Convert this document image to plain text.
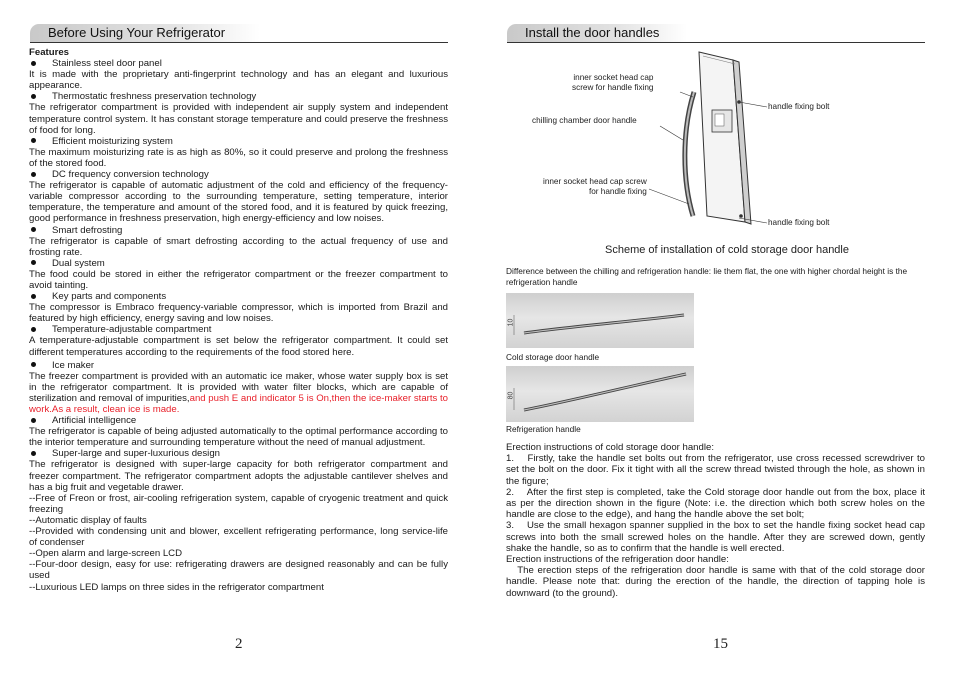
Before Using Your Refrigerator

Features

Stainless steel door panel

It is made with the proprietary anti-fingerprint technology and has an elegant and luxurious appearance.

Thermostatic freshness preservation technology

The refrigerator compartment is provided with independent air supply system and independent temperature control system. It has constant storage temperature and could preserve the freshness of food for long.

Efficient moisturizing system

The maximum moisturizing rate is as high as 80%, so it could preserve and prolong the freshness of the stored food.

DC frequency conversion technology

The refrigerator is capable of automatic adjustment of the cold and efficiency of the frequency-variable compressor according to the surrounding temperature, setting temperature, interior temperature, the temperature and amount of the stored food, and it is featured by quick freezing, good performance in freshness preservation, high energy-efficiency and low noises.

Smart defrosting

The refrigerator is capable of smart defrosting according to the actual frequency of use and frosting rate.

Dual system

The food could be stored in either the refrigerator compartment or the freezer compartment to avoid tainting.

Key parts and components

The compressor is Embraco frequency-variable compressor, which is imported from Brazil and featured by high efficiency, energy saving and low noises.

Temperature-adjustable compartment

A temperature-adjustable compartment is set below the refrigerator compartment. It could set different temperatures according to the requirements of the food stored here.

Ice maker

The freezer compartment is provided with an automatic ice maker, whose water supply box is set in the refrigerator compartment. It is provided with water filter blocks, which are capable of sterilization and removal of impurities,and push E and indicator 5 is On,then the ice-maker starts to work.As a result, clean ice is made.

Artificial intelligence

The refrigerator is capable of being adjusted automatically to the optimal performance according to the interior temperature and surrounding temperature without the need of manual adjustment.

Super-large and super-luxurious design

The refrigerator is designed with super-large capacity for both refrigerator compartment and freezer compartment. The refrigerator compartment adopts the adjustable cantilever shelves and has a big fruit and vegetable drawer.

--Free of Freon or frost, air-cooling refrigeration system, capable of cryogenic treatment and quick freezing

--Automatic display of faults

--Provided with condensing unit and blower, excellent refrigerating performance, long service-life of condenser

--Open alarm and large-screen LCD

--Four-door design, easy for use: refrigerating drawers are designed reasonably and can be fully used

--Luxurious LED lamps on three sides in the refrigerator compartment

2
Install the door handles
inner socket head cap
screw for handle fixing
chilling chamber door handle
inner socket head cap screw
for handle fixing
handle fixing bolt
handle fixing bolt
Scheme of installation of cold storage door handle
Difference between the chilling and refrigeration handle: lie them flat, the one with higher chordal height is the refrigeration handle
10
Cold storage door handle
80
Refrigeration handle

Erection instructions of cold storage door handle:

1.    Firstly, take the handle set bolts out from the refrigerator, use cross recessed screwdriver to set the bolt on the door. Fix it tight with all the screw thread twisted through the hole, as shown in the figure;

2.    After the first step is completed, take the Cold storage door handle out from the box, place it as per the direction shown in the figure (Note: i.e. the direction which both screw holes on the handle are close to the edge), and hang the handle above the set bolt;

3.    Use the small hexagon spanner supplied in the box to set the handle fixing socket head cap screws into both the small screwed holes on the handle. After they are screwed down, gently shake the handle, so as to confirm that the handle is well erected.

Erection instructions of the refrigeration door handle:

The erection steps of the refrigeration door handle is same with that of the cold storage door handle. Please note that: during the erection of the handle, the direction of tapping hole is downward (to the ground).

15
